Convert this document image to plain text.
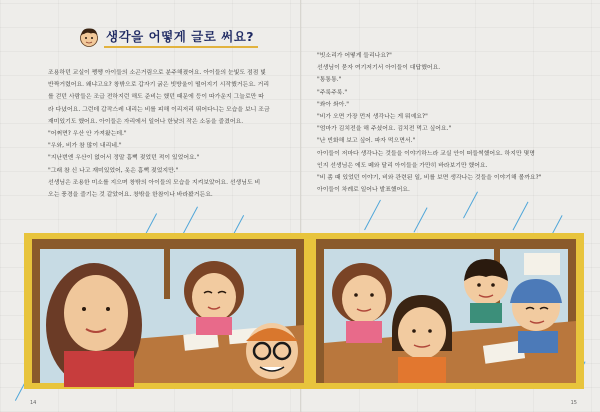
생각을 어떻게 글로 써요?

조용하던 교실이 쨍쨍 아이들의 소곤거림으로 분주해졌어요. 아이들의 눈빛도 점점 빛

반짝거렸어요. 왜냐고요? 창밖으로 갑자기 굵은 빗방울이 떨어지기 시작했거든요. 거리

를 걷던 사람들은 조급 전하지런 해도 준비는 했던 때문에 등이 따가운지 그늘로만 따

라 다녔어요. 그런데 갑작스레 내리는 비를 피해 이리저리 뛰어다니는 모습을 보니 조금

재미있기도 했어요. 아이들은 자리에서 일어나 한낮의 작은 소동을 즐겼어요.

"어쩌면? 우산 안 가져왔는데."

"우와, 비가 참 많이 내리네."

"지난번엔 우산이 없어서 정말 흠뻑 젖었던 적이 있었어요."

"그래 참 신 나고 재미있었어, 옷은 흠뻑 젖었지만."

선생님은 조용한 미소를 지으며 창밖의 아이들의 모습을 지켜보았어요. 선생님도 비

오는 풍경을 즐기는 것 같았어요. 창밖을 한참이나 바라봤거든요.

14

"빗소리가 어떻게 들리나요?"

선생님이 묻자 여기저기서 아이들이 대답했어요.

"통통통."

"주룩주룩."

"쏴아 쏴아."

"비가 오면 가장 먼저 생각나는 게 뭐예요?"

"엄마가 김치전을 해 주셨어요. 김치전 먹고 싶어요."

"난 빈화해 보고 싶어. 파자 먹으면서."

아이들이 저마다 생각나는 것들을 이야기하느라 교실 안이 떠들썩했어요. 하지만 몇명

인지 선생님은 에도 떼와 달리 아이들을 가만히 바라보기만 했어요.

"비 좀 때 있었던 이야기, 비와 관련된 일, 비를 보면 생각나는 것들을 이야기해 볼까요?"

아이들이 차례로 일어나 발표했어요.

15
